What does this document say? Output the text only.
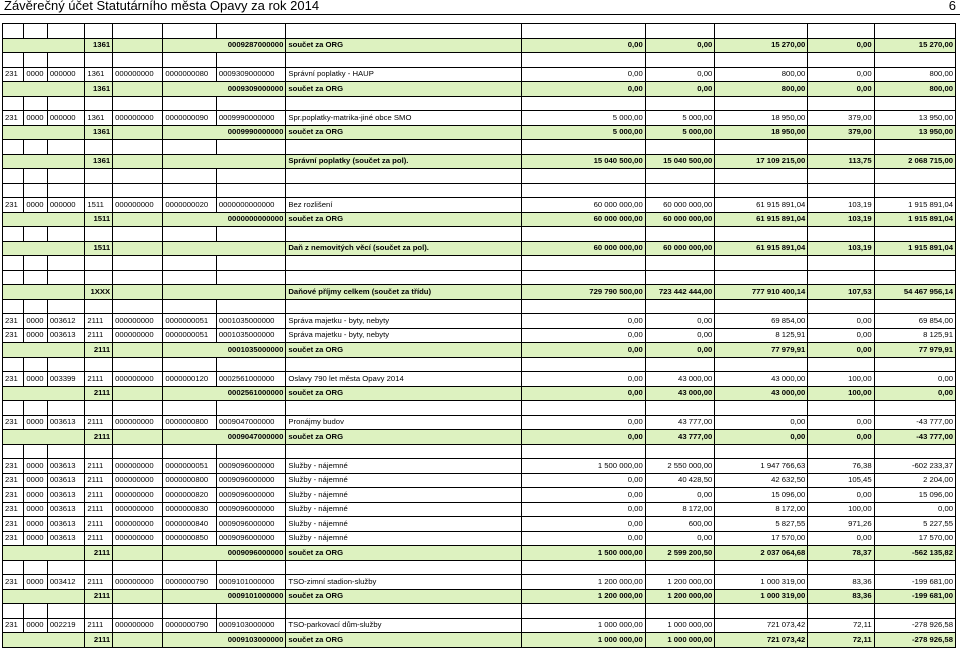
Závěrečný účet Statutárního města Opavy za rok 2014	6

			1361		0009287000000		součet za ORG	0,00	0,00	15 270,00	0,00	15 270,00

231	0000	000000	1361	000000000	0000000080	0009309000000	Správní poplatky - HAUP	0,00	0,00	800,00	0,00	800,00
			1361		0009309000000		součet za ORG	0,00	0,00	800,00	0,00	800,00

231	0000	000000	1361	000000000	0000000090	0009990000000	Spr.poplatky-matrika-jiné obce SMO	5 000,00	5 000,00	18 950,00	379,00	13 950,00
			1361		0009990000000		součet za ORG	5 000,00	5 000,00	18 950,00	379,00	13 950,00

			1361				Správní poplatky (součet za pol).	15 040 500,00	15 040 500,00	17 109 215,00	113,75	2 068 715,00

231	0000	000000	1511	000000000	0000000020	0000000000000	Bez rozlišení	60 000 000,00	60 000 000,00	61 915 891,04	103,19	1 915 891,04
			1511		0000000000000		součet za ORG	60 000 000,00	60 000 000,00	61 915 891,04	103,19	1 915 891,04

			1511				Daň z nemovitých věcí (součet za pol).	60 000 000,00	60 000 000,00	61 915 891,04	103,19	1 915 891,04

			1XXX				Daňové příjmy celkem (součet za třídu)	729 790 500,00	723 442 444,00	777 910 400,14	107,53	54 467 956,14

231	0000	003612	2111	000000000	0000000051	0001035000000	Správa majetku - byty, nebyty	0,00	0,00	69 854,00	0,00	69 854,00
231	0000	003613	2111	000000000	0000000051	0001035000000	Správa majetku - byty, nebyty	0,00	0,00	8 125,91	0,00	8 125,91
			2111		0001035000000		součet za ORG	0,00	0,00	77 979,91	0,00	77 979,91

231	0000	003399	2111	000000000	0000000120	0002561000000	Oslavy 790 let města Opavy 2014	0,00	43 000,00	43 000,00	100,00	0,00
			2111		0002561000000		součet za ORG	0,00	43 000,00	43 000,00	100,00	0,00

231	0000	003613	2111	000000000	0000000800	0009047000000	Pronájmy budov	0,00	43 777,00	0,00	0,00	-43 777,00
			2111		0009047000000		součet za ORG	0,00	43 777,00	0,00	0,00	-43 777,00

231	0000	003613	2111	000000000	0000000051	0009096000000	Služby - nájemné	1 500 000,00	2 550 000,00	1 947 766,63	76,38	-602 233,37
231	0000	003613	2111	000000000	0000000800	0009096000000	Služby - nájemné	0,00	40 428,50	42 632,50	105,45	2 204,00
231	0000	003613	2111	000000000	0000000820	0009096000000	Služby - nájemné	0,00	0,00	15 096,00	0,00	15 096,00
231	0000	003613	2111	000000000	0000000830	0009096000000	Služby - nájemné	0,00	8 172,00	8 172,00	100,00	0,00
231	0000	003613	2111	000000000	0000000840	0009096000000	Služby - nájemné	0,00	600,00	5 827,55	971,26	5 227,55
231	0000	003613	2111	000000000	0000000850	0009096000000	Služby - nájemné	0,00	0,00	17 570,00	0,00	17 570,00
			2111		0009096000000		součet za ORG	1 500 000,00	2 599 200,50	2 037 064,68	78,37	-562 135,82

231	0000	003412	2111	000000000	0000000790	0009101000000	TSO-zimní stadion-služby	1 200 000,00	1 200 000,00	1 000 319,00	83,36	-199 681,00
			2111		0009101000000		součet za ORG	1 200 000,00	1 200 000,00	1 000 319,00	83,36	-199 681,00

231	0000	002219	2111	000000000	0000000790	0009103000000	TSO-parkovací dům-služby	1 000 000,00	1 000 000,00	721 073,42	72,11	-278 926,58
			2111		0009103000000		součet za ORG	1 000 000,00	1 000 000,00	721 073,42	72,11	-278 926,58
